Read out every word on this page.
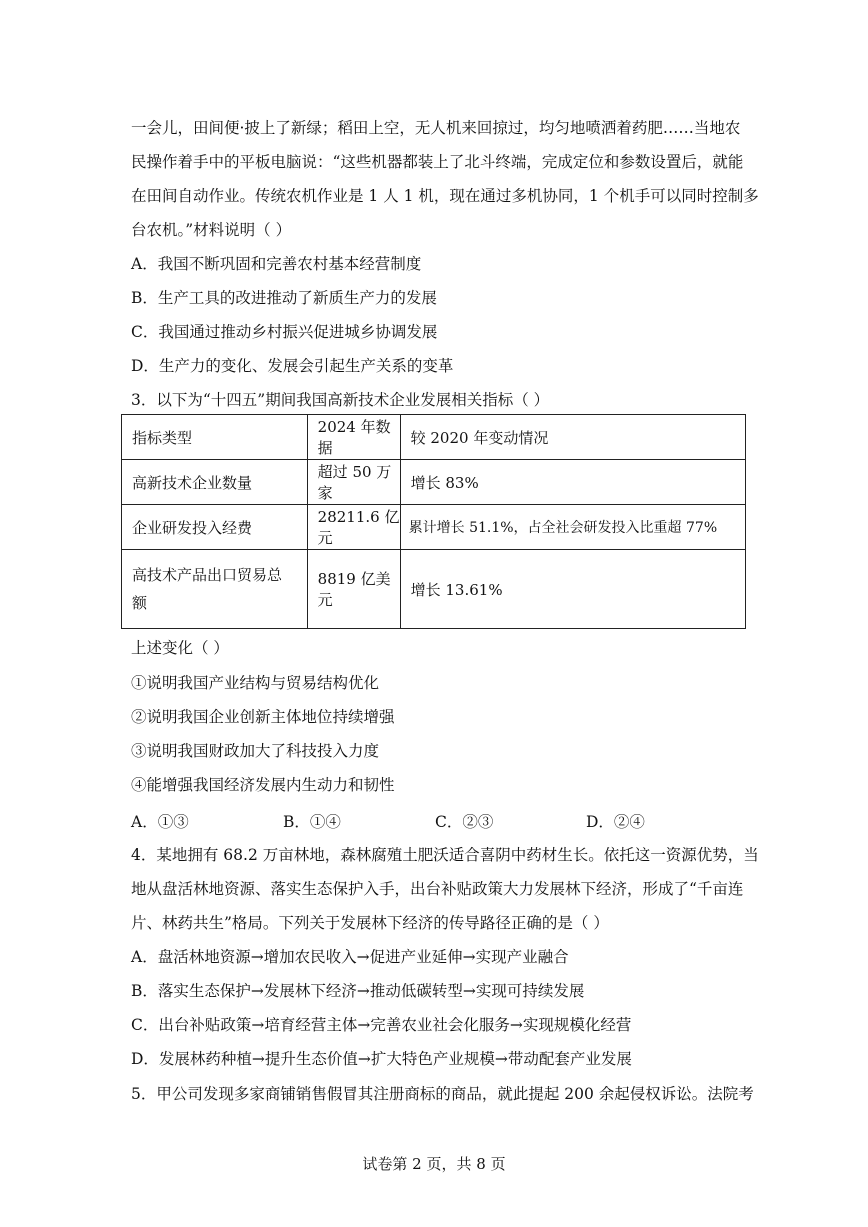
一会儿，田间便·披上了新绿；稻田上空，无人机来回掠过，均匀地喷洒着药肥……当地农
民操作着手中的平板电脑说：“这些机器都装上了北斗终端，完成定位和参数设置后，就能
在田间自动作业。传统农机作业是 1 人 1 机，现在通过多机协同，1 个机手可以同时控制多
台农机。”材料说明（ ）
A．我国不断巩固和完善农村基本经营制度
B．生产工具的改进推动了新质生产力的发展
C．我国通过推动乡村振兴促进城乡协调发展
D．生产力的变化、发展会引起生产关系的变革
3．以下为“十四五”期间我国高新技术企业发展相关指标（ ）
指标类型	2024 年数据	较 2020 年变动情况
高新技术企业数量	超过 50 万家	增长 83%
企业研发投入经费	28211.6 亿元	累计增长 51.1%，占全社会研发投入比重超 77%
高技术产品出口贸易总额	8819 亿美元	增长 13.61%
上述变化（ ）
①说明我国产业结构与贸易结构优化
②说明我国企业创新主体地位持续增强
③说明我国财政加大了科技投入力度
④能增强我国经济发展内生动力和韧性
A．①③	B．①④	C．②③	D．②④
4．某地拥有 68.2 万亩林地，森林腐殖土肥沃适合喜阴中药材生长。依托这一资源优势，当
地从盘活林地资源、落实生态保护入手，出台补贴政策大力发展林下经济，形成了“千亩连
片、林药共生”格局。下列关于发展林下经济的传导路径正确的是（ ）
A．盘活林地资源→增加农民收入→促进产业延伸→实现产业融合
B．落实生态保护→发展林下经济→推动低碳转型→实现可持续发展
C．出台补贴政策→培育经营主体→完善农业社会化服务→实现规模化经营
D．发展林药种植→提升生态价值→扩大特色产业规模→带动配套产业发展
5．甲公司发现多家商铺销售假冒其注册商标的商品，就此提起 200 余起侵权诉讼。法院考
试卷第 2 页，共 8 页
